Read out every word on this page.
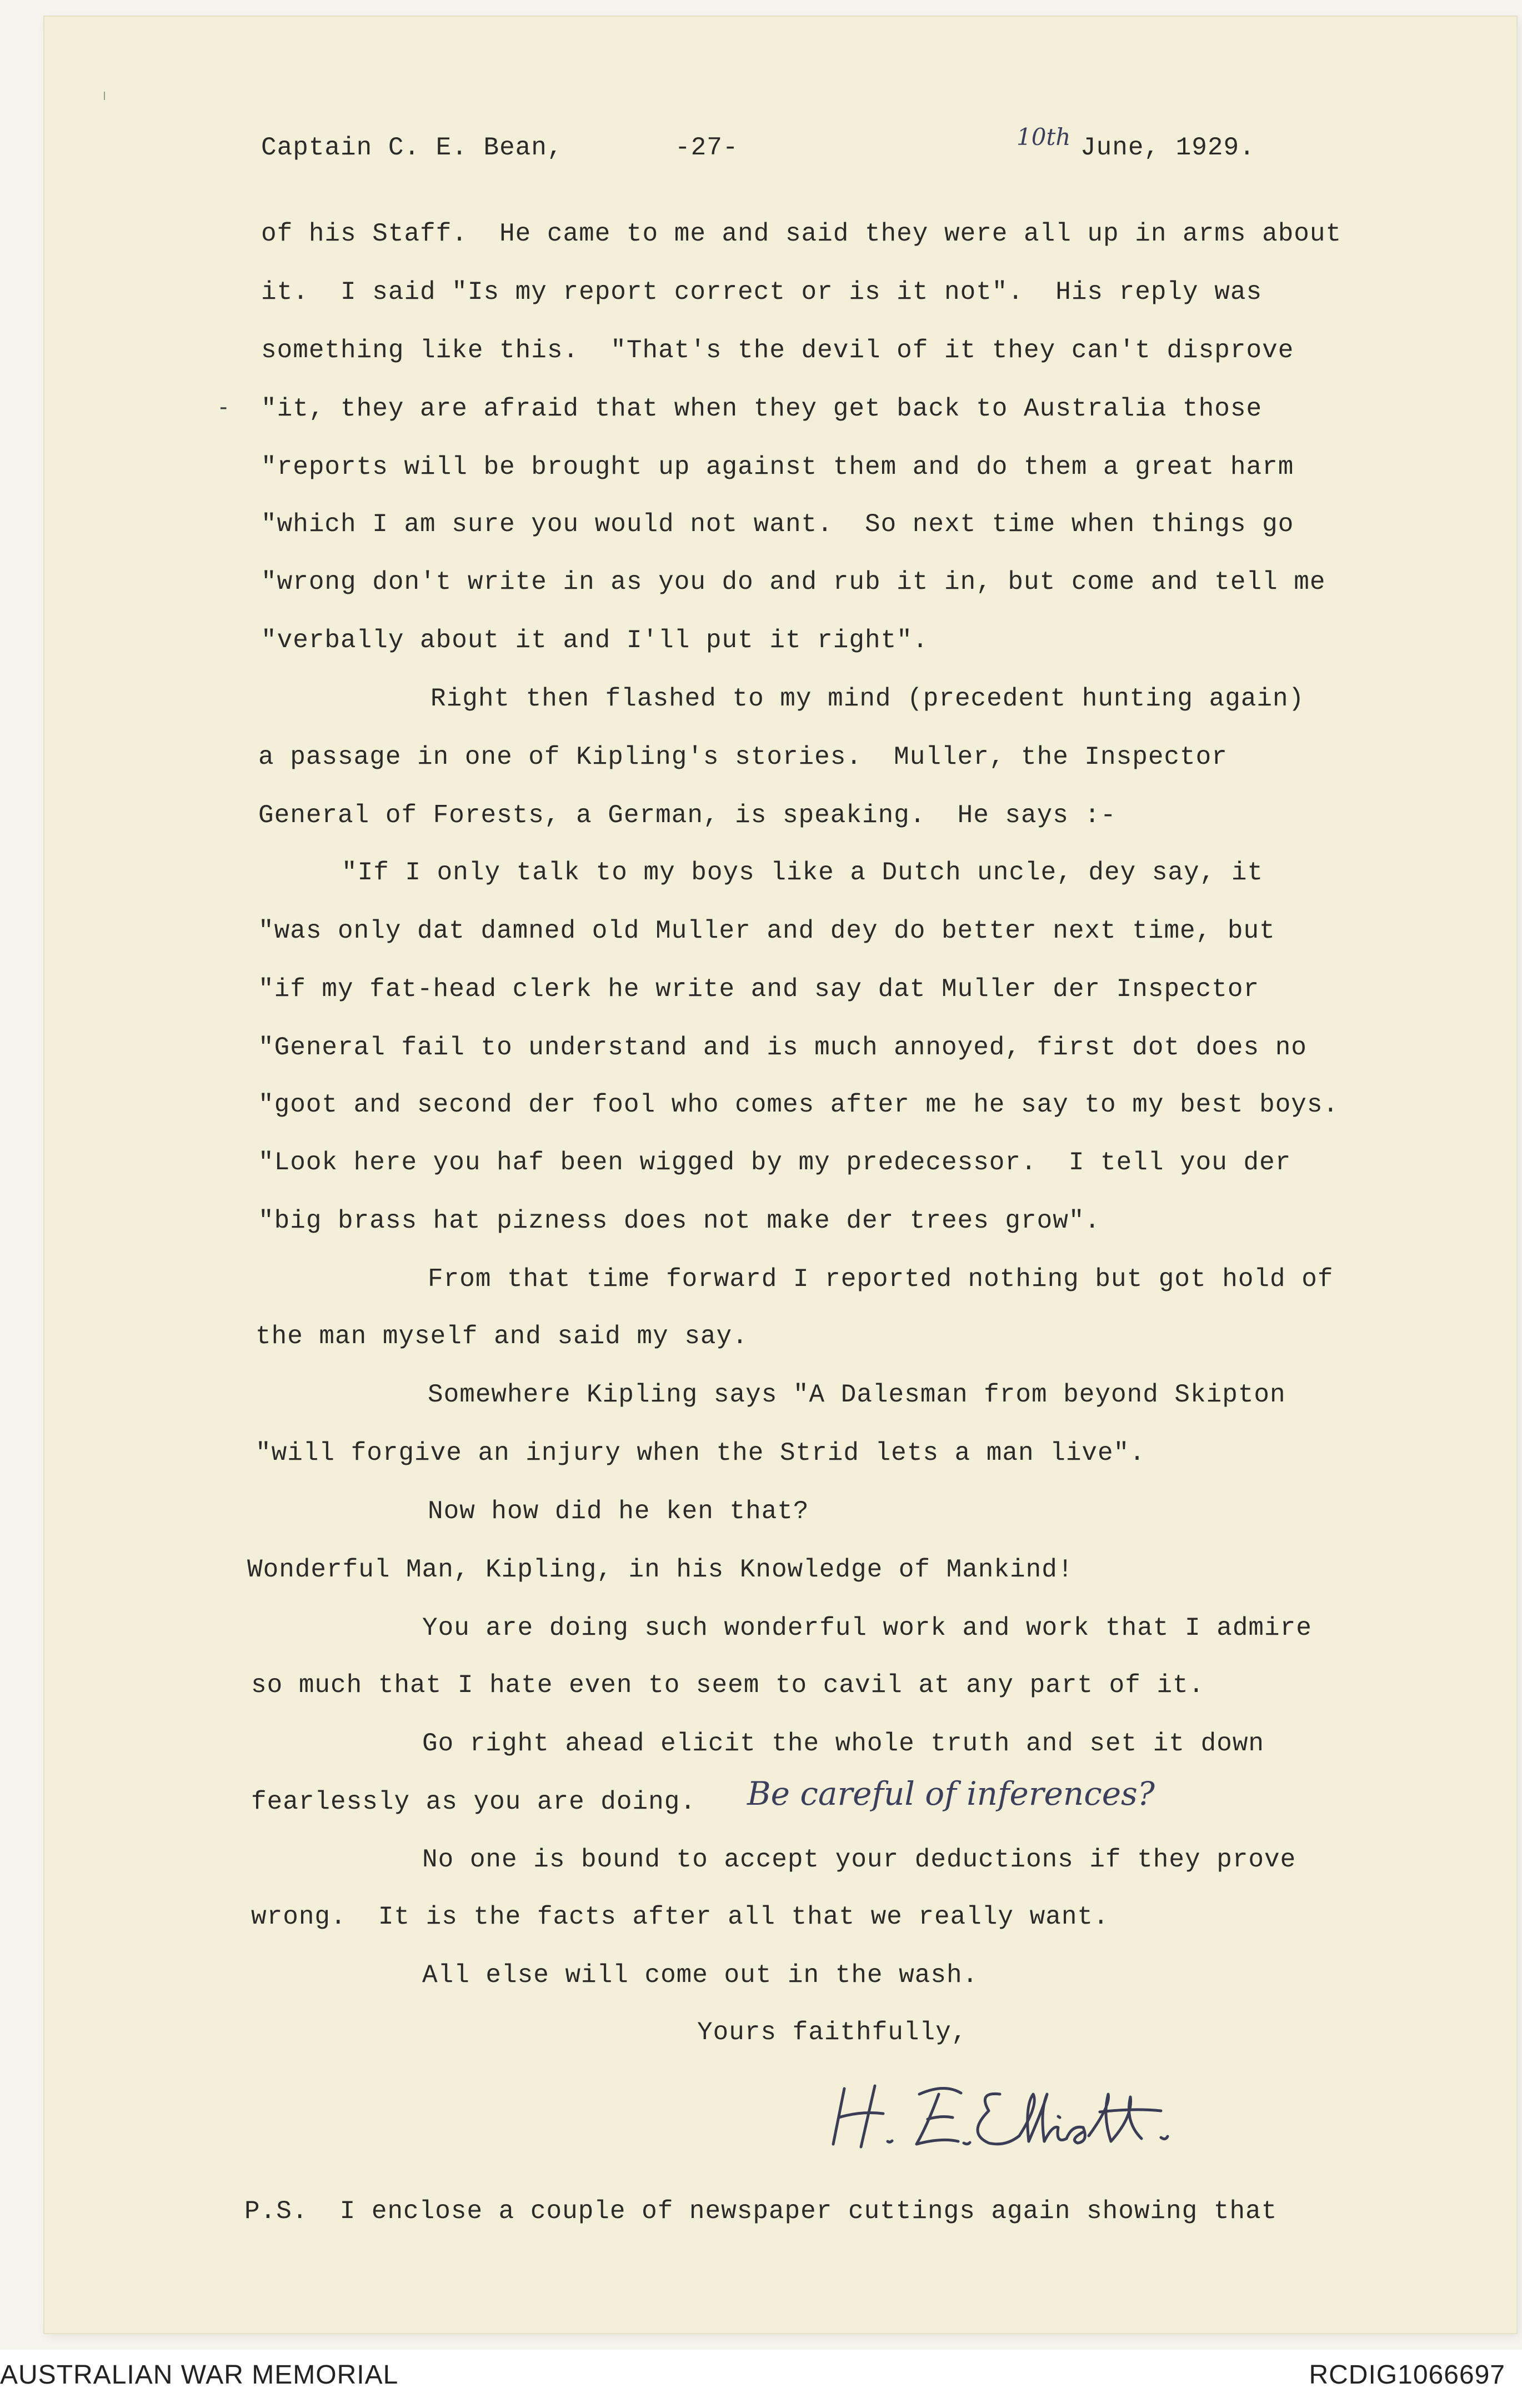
ˡ
Captain C. E. Bean,	-27-	10th June, 1929.
of his Staff.  He came to me and said they were all up in arms about
it.  I said "Is my report correct or is it not".  His reply was
something like this.  "That's the devil of it they can't disprove
- "it, they are afraid that when they get back to Australia those
"reports will be brought up against them and do them a great harm
"which I am sure you would not want.  So next time when things go
"wrong don't write in as you do and rub it in, but come and tell me
"verbally about it and I'll put it right".
Right then flashed to my mind (precedent hunting again)
a passage in one of Kipling's stories.  Muller, the Inspector
General of Forests, a German, is speaking.  He says :-
"If I only talk to my boys like a Dutch uncle, dey say, it
"was only dat damned old Muller and dey do better next time, but
"if my fat-head clerk he write and say dat Muller der Inspector
"General fail to understand and is much annoyed, first dot does no
"goot and second der fool who comes after me he say to my best boys.
"Look here you haf been wigged by my predecessor.  I tell you der
"big brass hat pizness does not make der trees grow".
From that time forward I reported nothing but got hold of
the man myself and said my say.
Somewhere Kipling says "A Dalesman from beyond Skipton
"will forgive an injury when the Strid lets a man live".
Now how did he ken that?
Wonderful Man, Kipling, in his Knowledge of Mankind!
You are doing such wonderful work and work that I admire
so much that I hate even to seem to cavil at any part of it.
Go right ahead elicit the whole truth and set it down
fearlessly as you are doing. Be careful of inferences?
No one is bound to accept your deductions if they prove
wrong.  It is the facts after all that we really want.
All else will come out in the wash.
Yours faithfully,
P.S.  I enclose a couple of newspaper cuttings again showing that
AUSTRALIAN WAR MEMORIAL	RCDIG1066697
